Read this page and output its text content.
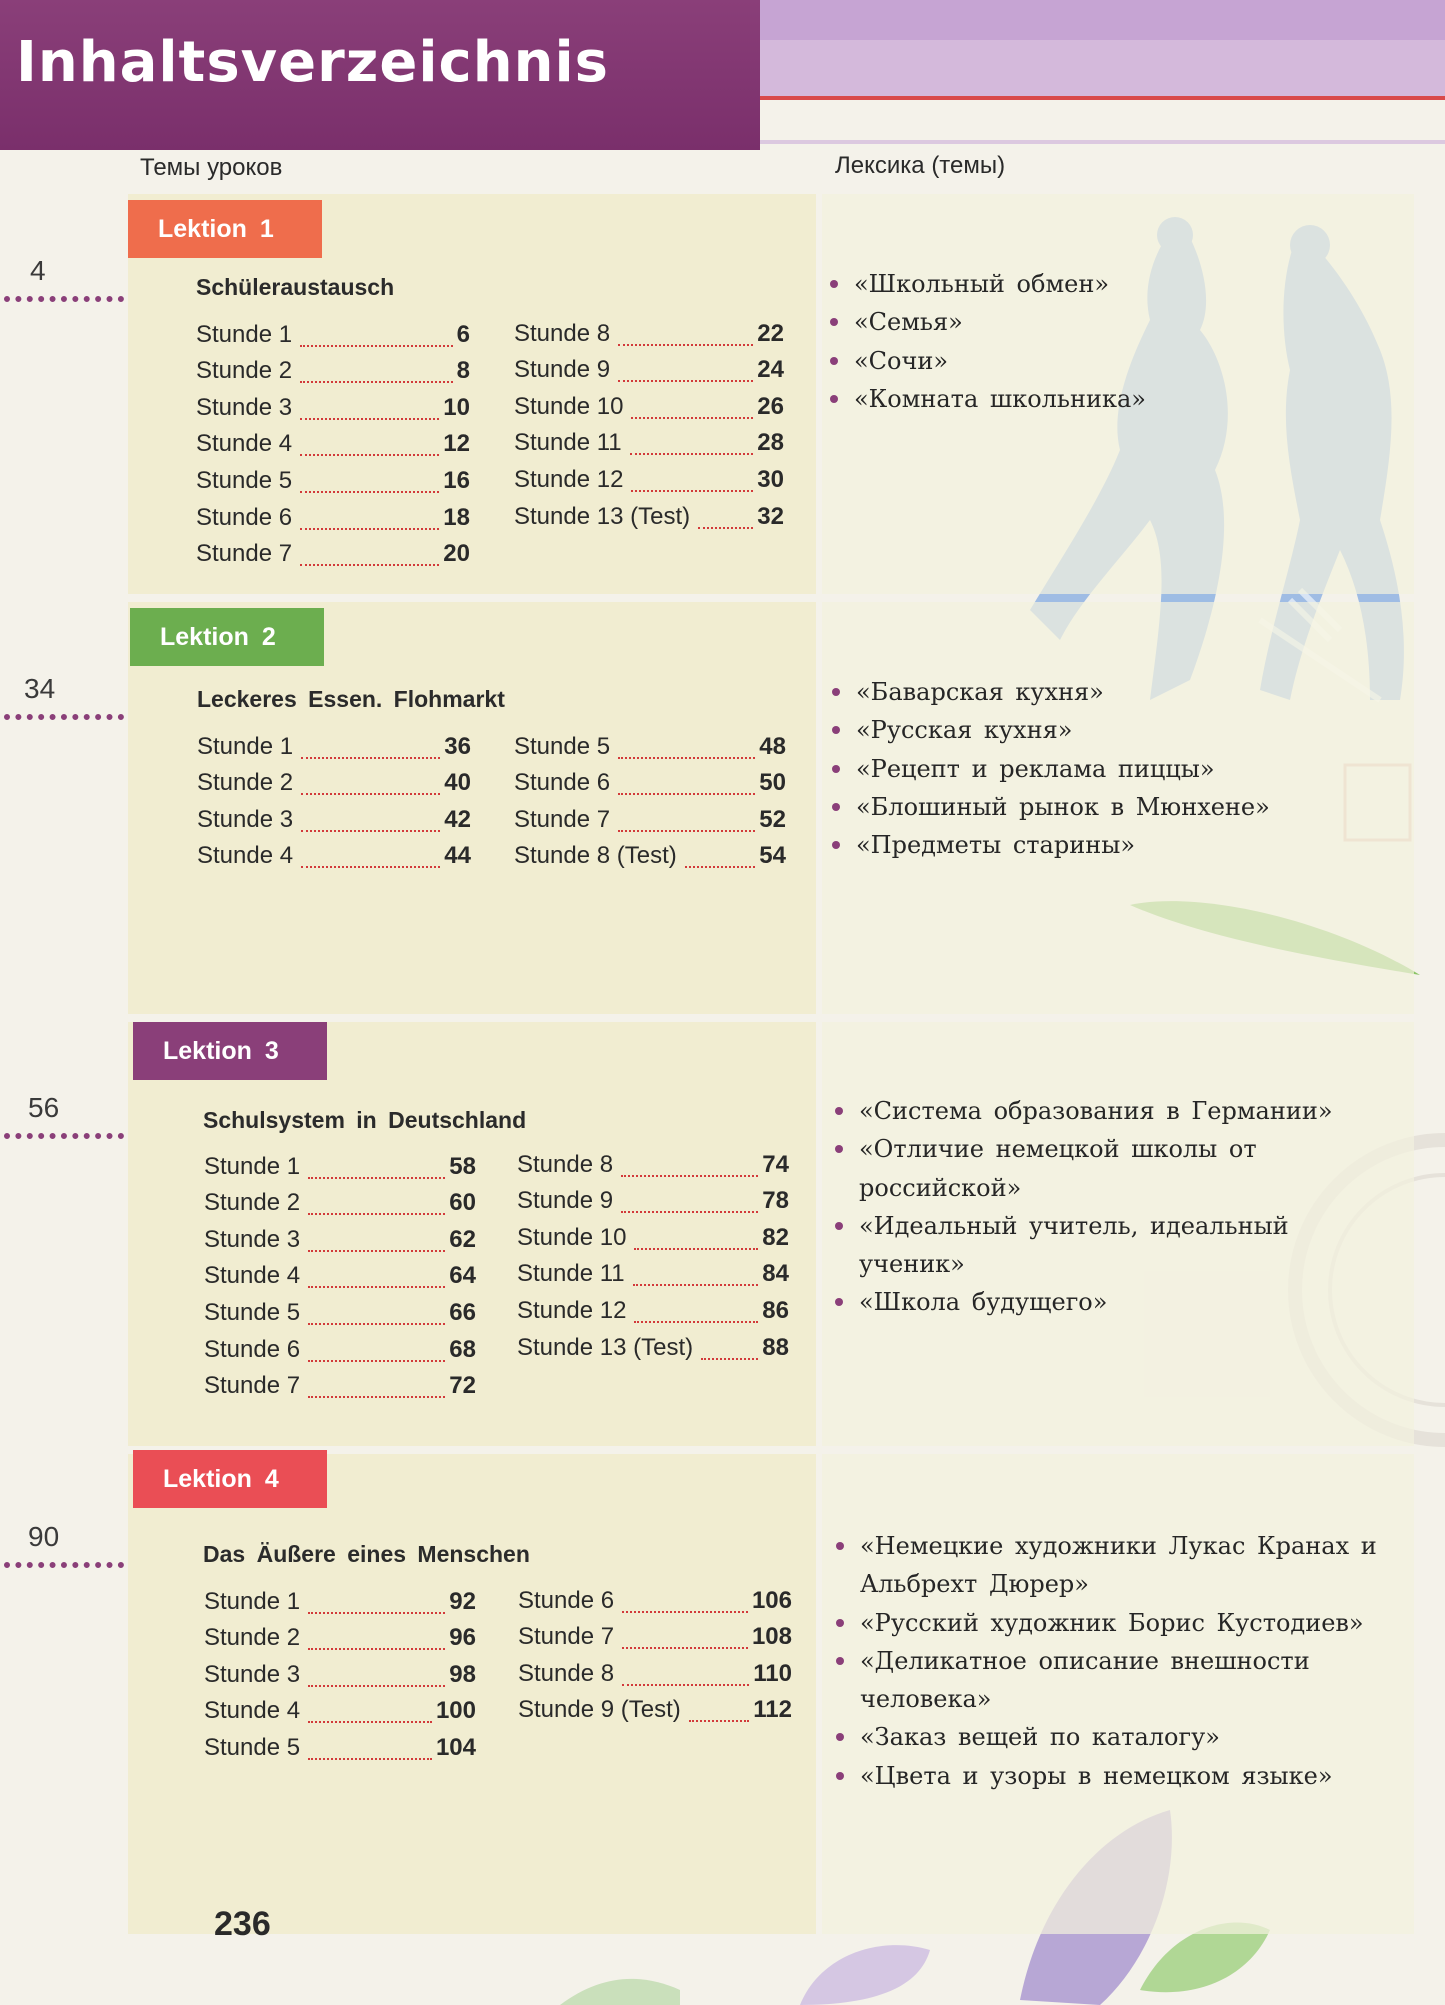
Inhaltsverzeichnis
Темы уроков	Лексика (темы)
Lektion 1
4
Schüleraustausch
Stunde 1	6
Stunde 2	8
Stunde 3	10
Stunde 4	12
Stunde 5	16
Stunde 6	18
Stunde 7	20
Stunde 8	22
Stunde 9	24
Stunde 10	26
Stunde 11	28
Stunde 12	30
Stunde 13 (Test)	32
«Школьный обмен»
«Семья»
«Сочи»
«Комната школьника»
Lektion 2
34	Leckeres Essen. Flohmarkt
Stunde 1	36
Stunde 2	40
Stunde 3	42
Stunde 4	44
Stunde 5	48
Stunde 6	50
Stunde 7	52
Stunde 8 (Test)	54
«Баварская кухня»
«Русская кухня»
«Рецепт и реклама пиццы»
«Блошиный рынок в Мюнхене»
«Предметы старины»
Lektion 3
56	Schulsystem in Deutschland
Stunde 1	58
Stunde 2	60
Stunde 3	62
Stunde 4	64
Stunde 5	66
Stunde 6	68
Stunde 7	72
Stunde 8	74
Stunde 9	78
Stunde 10	82
Stunde 11	84
Stunde 12	86
Stunde 13 (Test)	88
«Система образования в Германии»
«Отличие немецкой школы от
российской»
«Идеальный учитель, идеальный
ученик»
«Школа будущего»
Lektion 4
90
Das Äußere eines Menschen
Stunde 1	92
Stunde 2	96
Stunde 3	98
Stunde 4	100
Stunde 5	104
Stunde 6	106
Stunde 7	108
Stunde 8	110
Stunde 9 (Test)	112
«Немецкие художники Лукас Кранах и
Альбрехт Дюрер»
«Русский художник Борис Кустодиев»
«Деликатное описание внешности
человека»
«Заказ вещей по каталогу»
«Цвета и узоры в немецком языке»
236
